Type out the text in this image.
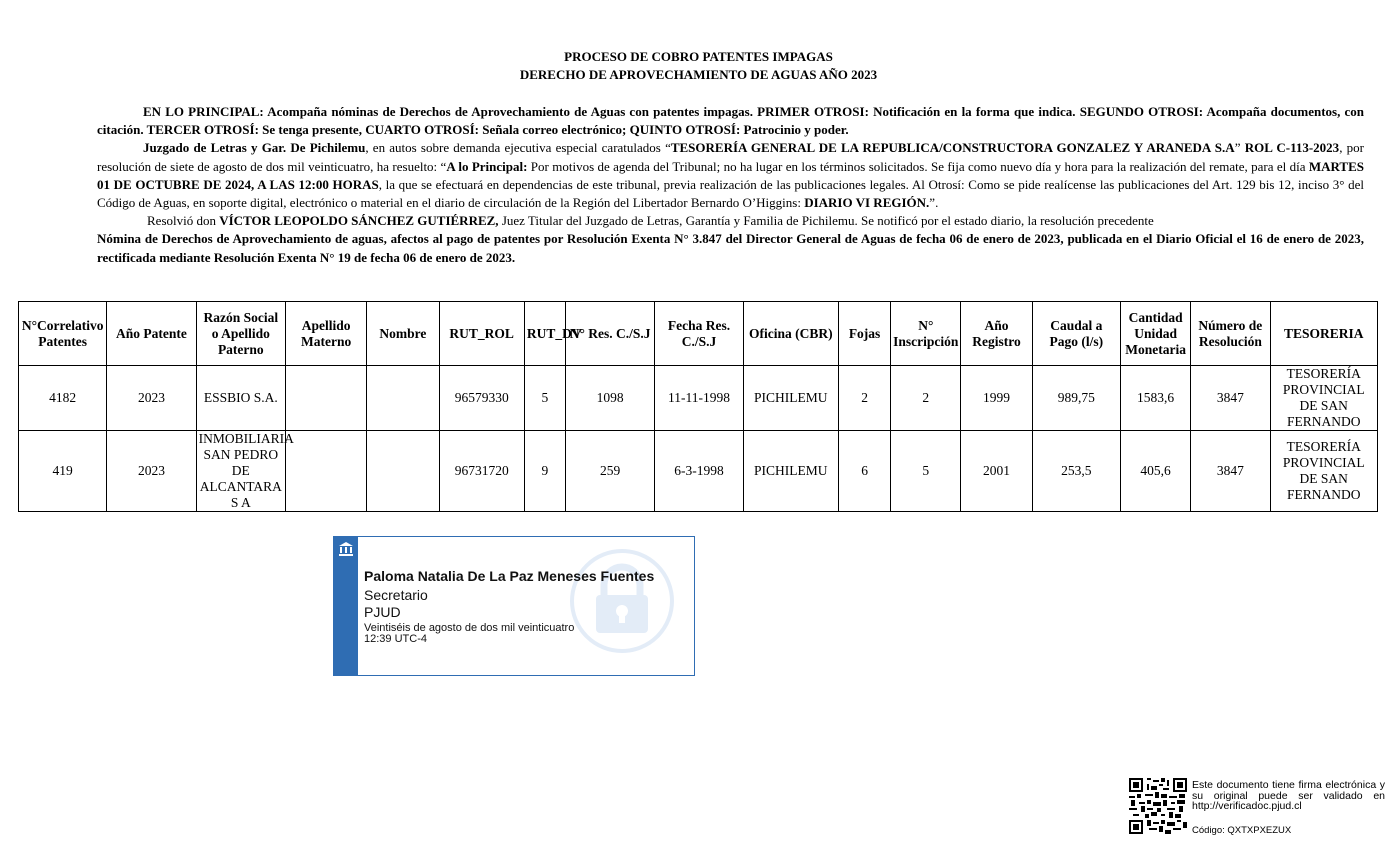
PROCESO DE COBRO PATENTES IMPAGAS
DERECHO DE APROVECHAMIENTO DE AGUAS AÑO 2023

EN LO PRINCIPAL: Acompaña nóminas de Derechos de Aprovechamiento de Aguas con patentes impagas. PRIMER OTROSI: Notificación en la forma que indica. SEGUNDO OTROSI: Acompaña documentos, con citación. TERCER OTROSÍ: Se tenga presente, CUARTO OTROSÍ: Señala correo electrónico; QUINTO OTROSÍ: Patrocinio y poder.

Juzgado de Letras y Gar. De Pichilemu, en autos sobre demanda ejecutiva especial caratulados “TESORERÍA GENERAL DE LA REPUBLICA/CONSTRUCTORA GONZALEZ Y ARANEDA S.A” ROL C-113-2023, por resolución de siete de agosto de dos mil veinticuatro, ha resuelto: “A lo Principal: Por motivos de agenda del Tribunal; no ha lugar en los términos solicitados. Se fija como nuevo día y hora para la realización del remate, para el día MARTES 01 DE OCTUBRE DE 2024, A LAS 12:00 HORAS, la que se efectuará en dependencias de este tribunal, previa realización de las publicaciones legales. Al Otrosí: Como se pide realícense las publicaciones del Art. 129 bis 12, inciso 3° del Código de Aguas, en soporte digital, electrónico o material en el diario de circulación de la Región del Libertador Bernardo O’Higgins: DIARIO VI REGIÓN.”.

Resolvió don VÍCTOR LEOPOLDO SÁNCHEZ GUTIÉRREZ, Juez Titular del Juzgado de Letras, Garantía y Familia de Pichilemu. Se notificó por el estado diario, la resolución precedente

Nómina de Derechos de Aprovechamiento de aguas, afectos al pago de patentes por Resolución Exenta N° 3.847 del Director General de Aguas de fecha 06 de enero de 2023, publicada en el Diario Oficial el 16 de enero de 2023, rectificada mediante Resolución Exenta N° 19 de fecha 06 de enero de 2023.

N°Correlativo Patentes	Año Patente	Razón Social o Apellido Paterno	Apellido Materno	Nombre	RUT_ROL	RUT_DV	N° Res. C./S.J	Fecha Res. C./S.J	Oficina (CBR)	Fojas	N° Inscripción	Año Registro	Caudal a Pago (l/s)	Cantidad Unidad Monetaria	Número de Resolución	TESORERIA
4182	2023	ESSBIO S.A.			96579330	5	1098	11-11-1998	PICHILEMU	2	2	1999	989,75	1583,6	3847	TESORERÍA PROVINCIAL DE SAN FERNANDO
419	2023	INMOBILIARIA SAN PEDRO DE ALCANTARA S A			96731720	9	259	6-3-1998	PICHILEMU	6	5	2001	253,5	405,6	3847	TESORERÍA PROVINCIAL DE SAN FERNANDO
Paloma Natalia De La Paz Meneses Fuentes
Secretario
PJUD
Veintiséis de agosto de dos mil veinticuatro
12:39 UTC-4
Este documento tiene firma electrónica y su original puede ser validado en http://verificadoc.pjud.cl
Código: QXTXPXEZUX
